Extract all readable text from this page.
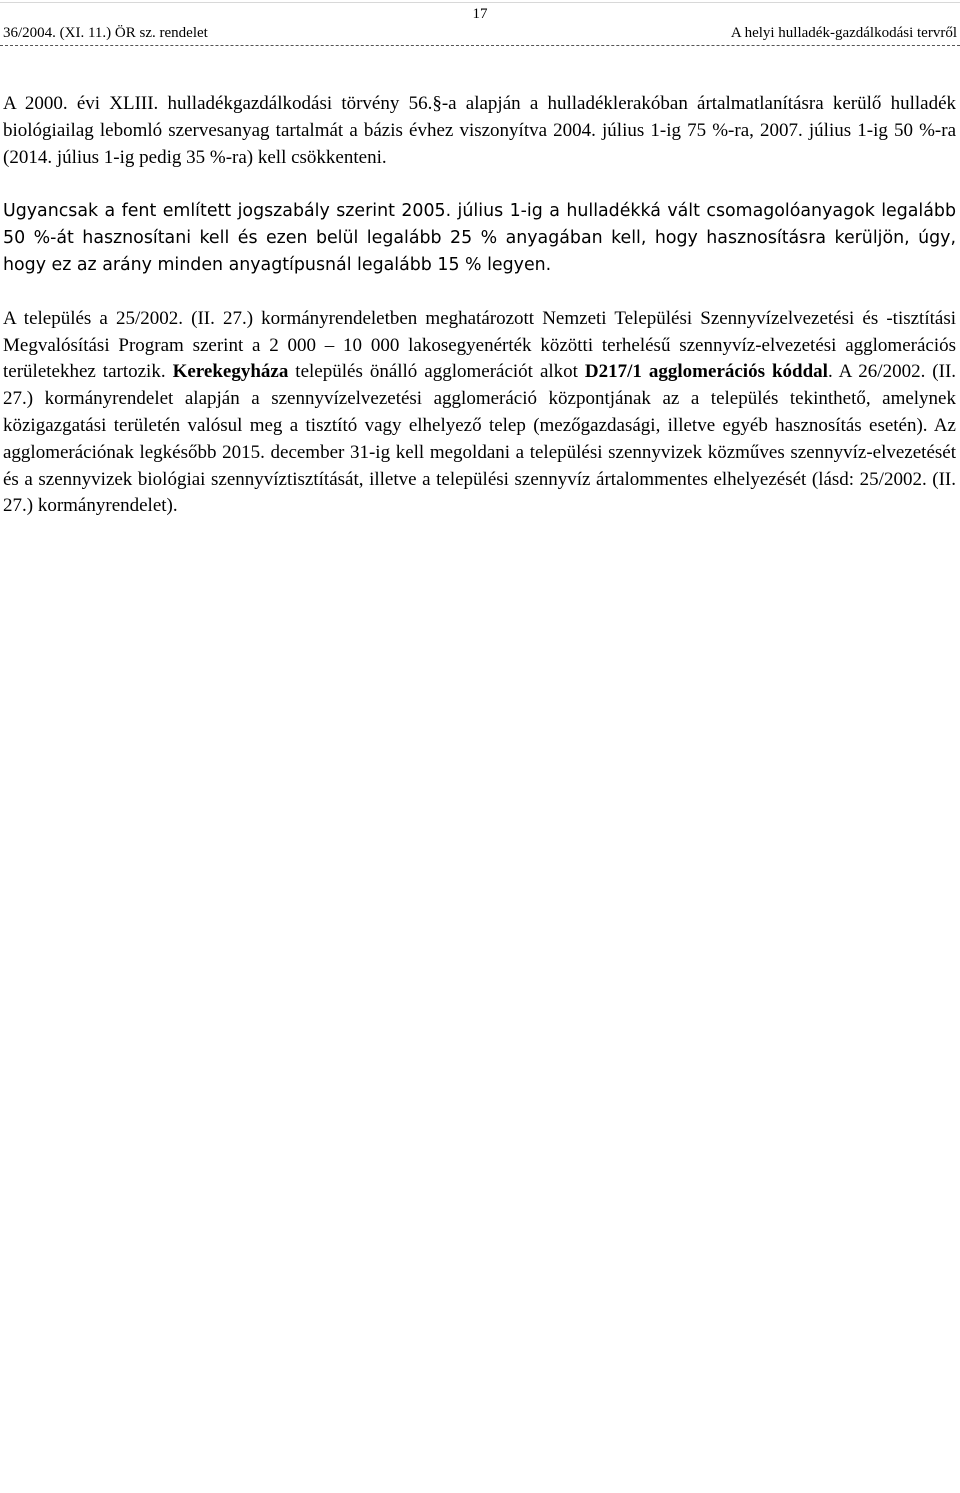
17
36/2004. (XI. 11.) ÖR sz. rendelet	A helyi hulladék-gazdálkodási tervről

A 2000. évi XLIII. hulladékgazdálkodási törvény 56.§-a alapján a hulladéklerakóban ártalmatlanításra kerülő hulladék biológiailag lebomló szervesanyag tartalmát a bázis évhez viszonyítva 2004. július 1-ig 75 %-ra, 2007. július 1-ig 50 %-ra (2014. július 1-ig pedig 35 %-ra) kell csökkenteni.

Ugyancsak a fent említett jogszabály szerint 2005. július 1-ig a hulladékká vált csomagolóanyagok legalább 50 %-át hasznosítani kell és ezen belül legalább 25 % anyagában kell, hogy hasznosításra kerüljön, úgy, hogy ez az arány minden anyagtípusnál legalább 15 % legyen.

A település a 25/2002. (II. 27.) kormányrendeletben meghatározott Nemzeti Települési Szennyvízelvezetési és -tisztítási Megvalósítási Program szerint a 2 000 – 10 000 lakosegyenérték közötti terhelésű szennyvíz-elvezetési agglomerációs területekhez tartozik. Kerekegyháza település önálló agglomerációt alkot D217/1 agglomerációs kóddal. A 26/2002. (II. 27.) kormányrendelet alapján a szennyvízelvezetési agglomeráció központjának az a település tekinthető, amelynek közigazgatási területén valósul meg a tisztító vagy elhelyező telep (mezőgazdasági, illetve egyéb hasznosítás esetén). Az agglomerációnak legkésőbb 2015. december 31-ig kell megoldani a települési szennyvizek közműves szennyvíz-elvezetését és a szennyvizek biológiai szennyvíztisztítását, illetve a települési szennyvíz ártalommentes elhelyezését (lásd: 25/2002. (II. 27.) kormányrendelet).
